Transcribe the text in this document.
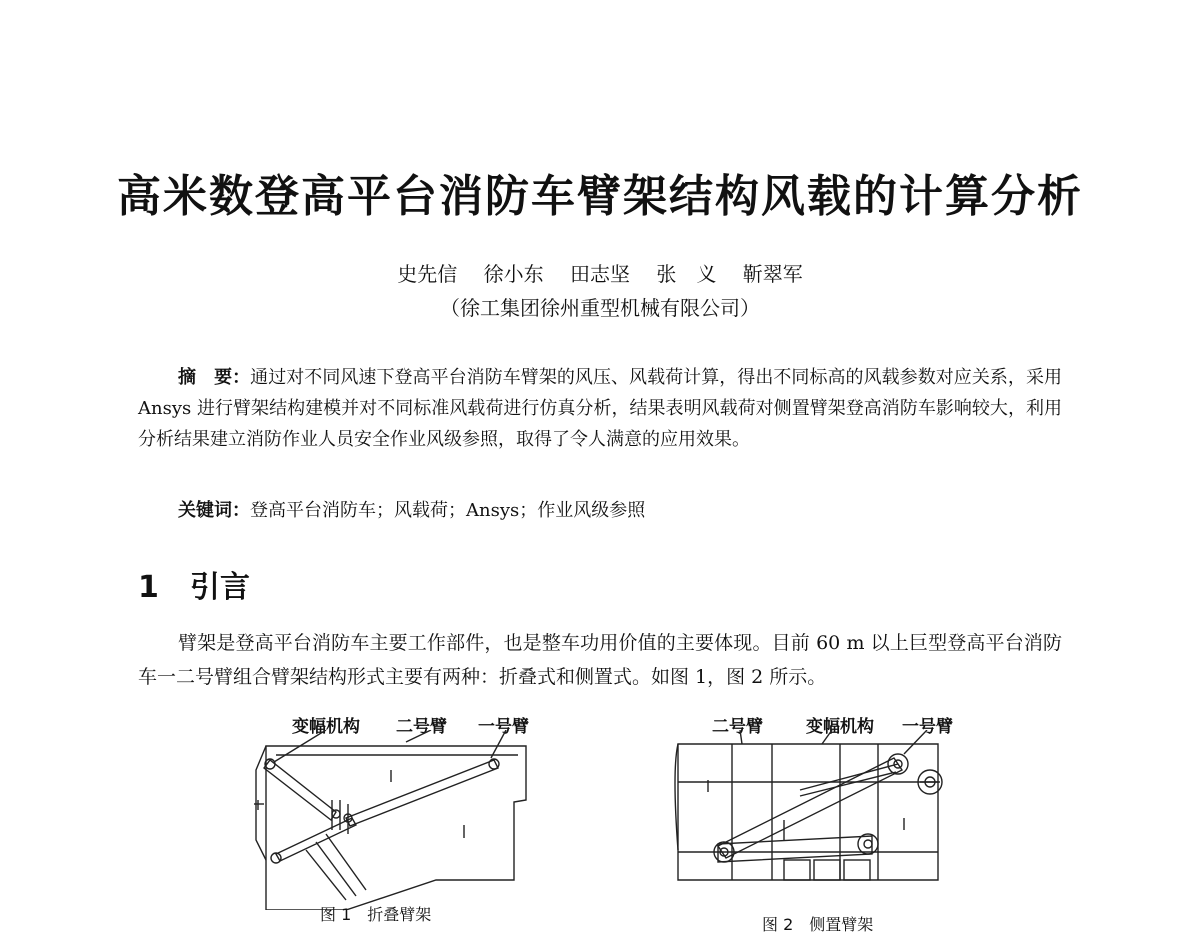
高米数登高平台消防车臂架结构风载的计算分析
史先信 徐小东 田志坚 张　义 靳翠军
（徐工集团徐州重型机械有限公司）
摘　要：通过对不同风速下登高平台消防车臂架的风压、风载荷计算，得出不同标高的风载参数对应关系，采用 Ansys 进行臂架结构建模并对不同标准风载荷进行仿真分析，结果表明风载荷对侧置臂架登高消防车影响较大，利用分析结果建立消防作业人员安全作业风级参照，取得了令人满意的应用效果。
关键词：登高平台消防车；风载荷；Ansys；作业风级参照
1 引言
臂架是登高平台消防车主要工作部件，也是整车功用价值的主要体现。目前 60 m 以上巨型登高平台消防车一二号臂组合臂架结构形式主要有两种：折叠式和侧置式。如图 1，图 2 所示。
变幅机构 二号臂 一号臂
图 1　折叠臂架
二号臂	变幅机构 一号臂
图 2　侧置臂架
